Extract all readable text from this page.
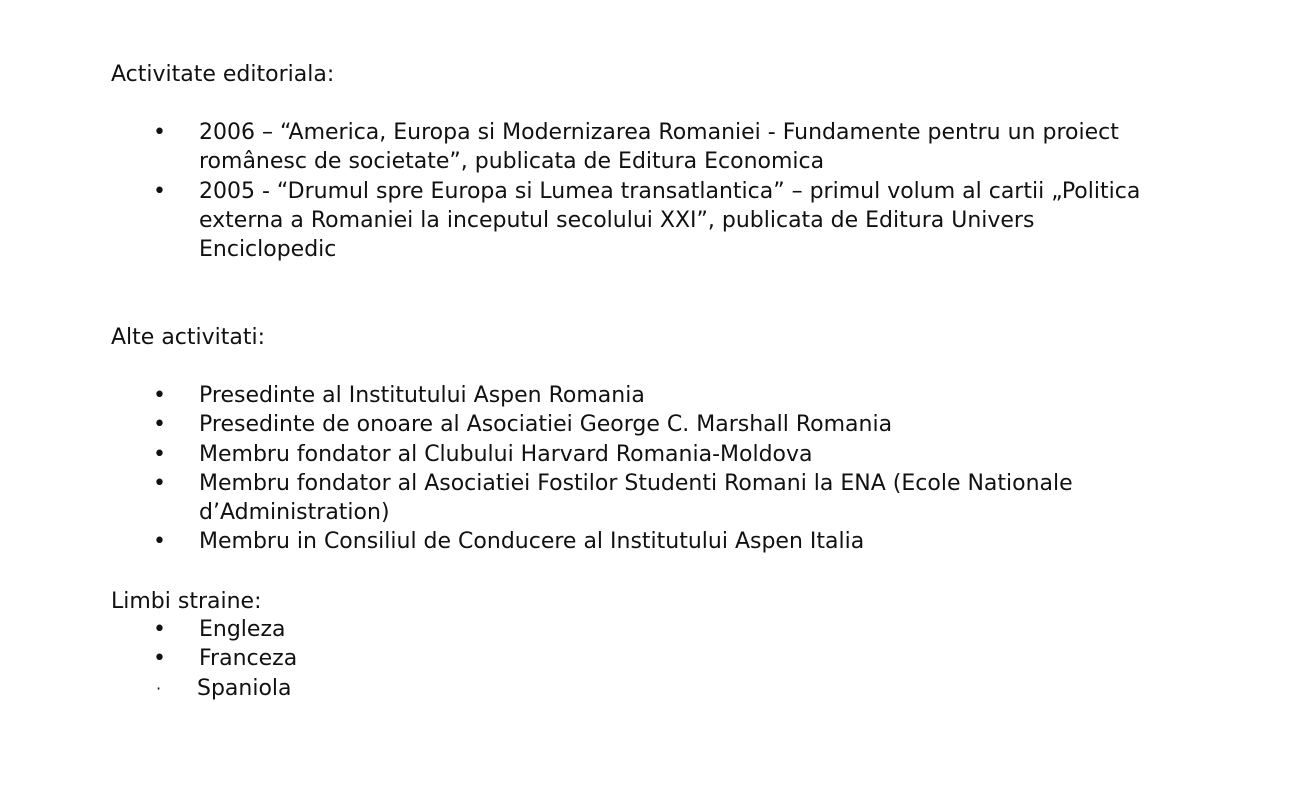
Activitate editoriala:
• 2006 – “America, Europa si Modernizarea Romaniei - Fundamente pentru un proiect românesc de societate”, publicata de Editura Economica
• 2005 - “Drumul spre Europa si Lumea transatlantica” – primul volum al cartii „Politica externa a Romaniei la inceputul secolului XXI”, publicata de Editura Univers Enciclopedic
Alte activitati:
• Presedinte al Institutului Aspen Romania
• Presedinte de onoare al Asociatiei George C. Marshall Romania
• Membru fondator al Clubului Harvard Romania-Moldova
• Membru fondator al Asociatiei Fostilor Studenti Romani la ENA (Ecole Nationale d’Administration)
• Membru in Consiliul de Conducere al Institutului Aspen Italia
Limbi straine:
• Engleza
• Franceza
· Spaniola
